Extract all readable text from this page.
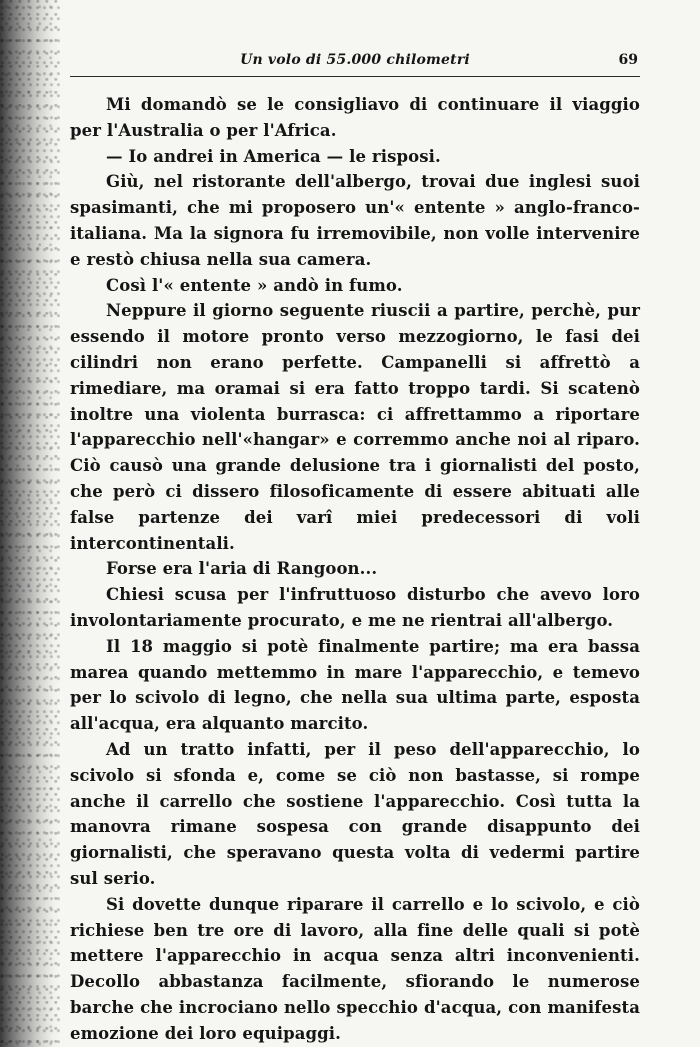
Un volo di 55.000 chilometri	69

Mi domandò se le consigliavo di continuare il viaggio per l'Australia o per l'Africa.

— Io andrei in America — le risposi.

Giù, nel ristorante dell'albergo, trovai due inglesi suoi spasimanti, che mi proposero un'« entente » anglo-franco-italiana. Ma la signora fu irremovibile, non volle intervenire e restò chiusa nella sua camera.

Così l'« entente » andò in fumo.

Neppure il giorno seguente riuscii a partire, perchè, pur essendo il motore pronto verso mezzogiorno, le fasi dei cilindri non erano perfette. Campanelli si affrettò a rimediare, ma oramai si era fatto troppo tardi. Si scatenò inoltre una violenta burrasca: ci affrettammo a riportare l'apparecchio nell'«hangar» e corremmo anche noi al riparo. Ciò causò una grande delusione tra i giornalisti del posto, che però ci dissero filosoficamente di essere abituati alle false partenze dei varî miei predecessori di voli intercontinentali.

Forse era l'aria di Rangoon...

Chiesi scusa per l'infruttuoso disturbo che avevo loro involontariamente procurato, e me ne rientrai all'albergo.

Il 18 maggio si potè finalmente partire; ma era bassa marea quando mettemmo in mare l'apparecchio, e temevo per lo scivolo di legno, che nella sua ultima parte, esposta all'acqua, era alquanto marcito.

Ad un tratto infatti, per il peso dell'apparecchio, lo scivolo si sfonda e, come se ciò non bastasse, si rompe anche il carrello che sostiene l'apparecchio. Così tutta la manovra rimane sospesa con grande disappunto dei giornalisti, che speravano questa volta di vedermi partire sul serio.

Si dovette dunque riparare il carrello e lo scivolo, e ciò richiese ben tre ore di lavoro, alla fine delle quali si potè mettere l'apparecchio in acqua senza altri inconvenienti. Decollo abbastanza facilmente, sfiorando le numerose barche che incrociano nello specchio d'acqua, con manifesta emozione dei loro equipaggi.
